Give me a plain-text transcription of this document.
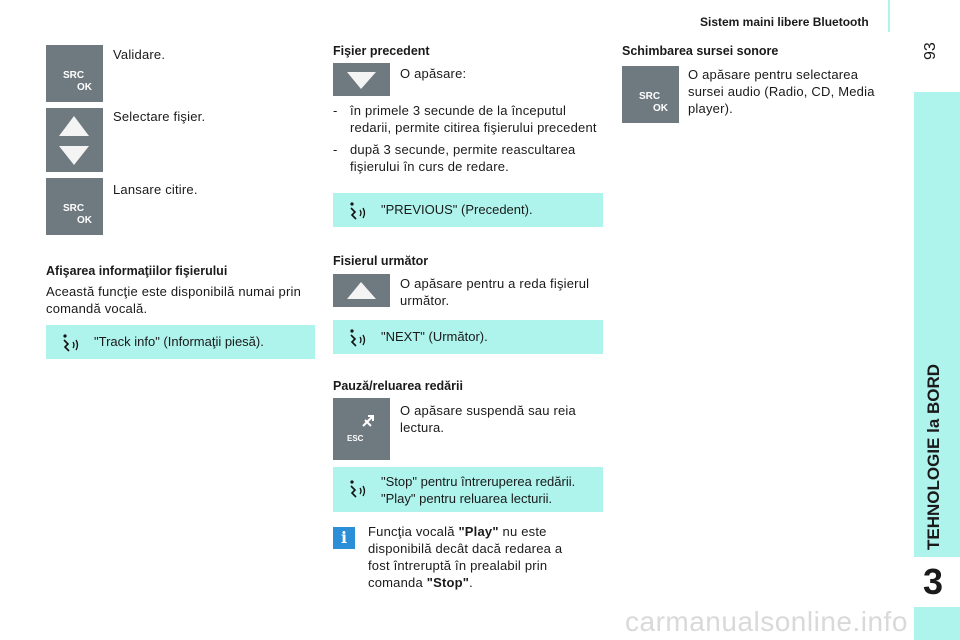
Sistem maini libere Bluetooth
93
TEHNOLOGIE la BORD
3
SRC
OK
Validare.
Selectare fişier.
SRC
OK
Lansare citire.
Afişarea informaţiilor fişierului
Această funcţie este disponibilă numai prin comandă vocală.
"Track info" (Informaţii piesă).
Fişier precedent
O apăsare:
- în primele 3 secunde de la începutul redarii, permite citirea fişierului precedent
- după 3 secunde, permite reascultarea fişierului în curs de redare.
"PREVIOUS" (Precedent).
Fisierul următor
O apăsare pentru a reda fişierul următor.
"NEXT" (Următor).
Pauză/reluarea redării
ESC
O apăsare suspendă sau reia lectura.
"Stop" pentru întreruperea redării.
"Play" pentru reluarea lecturii.
i	Funcţia vocală "Play" nu este disponibilă decât dacă redarea a fost întreruptă în prealabil prin comanda "Stop".
Schimbarea sursei sonore
SRC
OK
O apăsare pentru selectarea sursei audio (Radio, CD, Media player).
carmanualsonline.info
